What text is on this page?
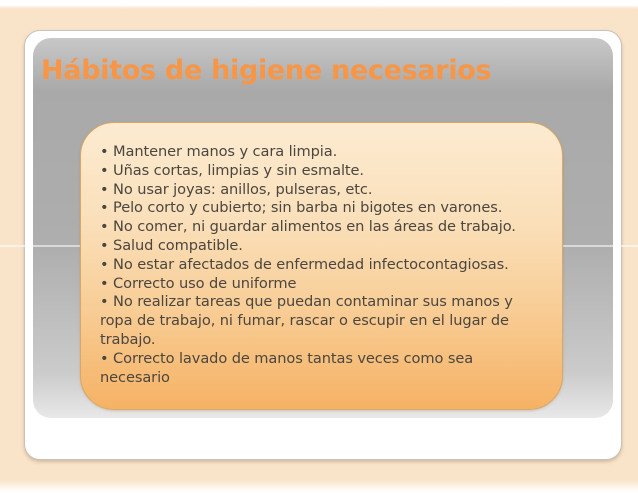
Hábitos de higiene necesarios
• Mantener manos y cara limpia.
• Uñas cortas, limpias y sin esmalte.
• No usar joyas: anillos, pulseras, etc.
• Pelo corto y cubierto; sin barba ni bigotes en varones.
• No comer, ni guardar alimentos en las áreas de trabajo.
• Salud compatible.
• No estar afectados de enfermedad infectocontagiosas.
• Correcto uso de uniforme
• No realizar tareas que puedan contaminar sus manos y
ropa de trabajo, ni fumar, rascar o escupir en el lugar de
trabajo.
• Correcto lavado de manos tantas veces como sea
necesario
